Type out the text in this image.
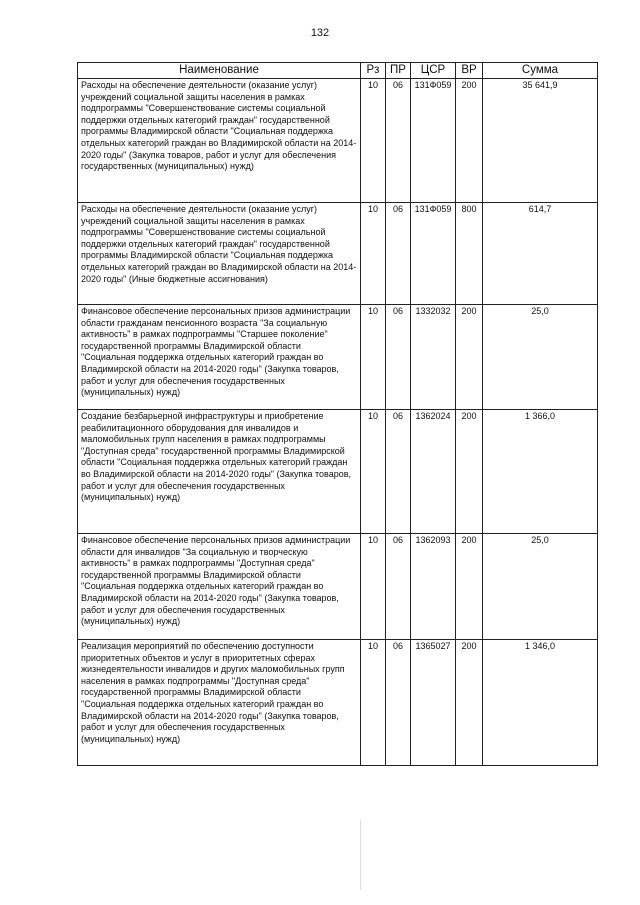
132
Наименование	Рз	ПР	ЦСР	ВР	Сумма
Расходы на обеспечение деятельности (оказание услуг) учреждений социальной защиты населения в рамках подпрограммы "Совершенствование системы социальной поддержки отдельных категорий граждан" государственной программы Владимирской области "Социальная поддержка отдельных категорий граждан во Владимирской области на 2014-2020 годы" (Закупка товаров, работ и услуг для обеспечения государственных (муниципальных) нужд)	10	06	131Ф059	200	35 641,9
Расходы на обеспечение деятельности (оказание услуг) учреждений социальной защиты населения в рамках подпрограммы "Совершенствование системы социальной поддержки отдельных категорий граждан" государственной программы Владимирской области "Социальная поддержка отдельных категорий граждан во Владимирской области на 2014-2020 годы" (Иные бюджетные ассигнования)	10	06	131Ф059	800	614,7
Финансовое обеспечение персональных призов администрации области гражданам пенсионного возраста "За социальную активность" в рамках подпрограммы "Старшее поколение" государственной программы Владимирской области "Социальная поддержка отдельных категорий граждан во Владимирской области на 2014-2020 годы" (Закупка товаров, работ и услуг для обеспечения государственных (муниципальных) нужд)	10	06	1332032	200	25,0
Создание безбарьерной инфраструктуры и приобретение реабилитационного оборудования для инвалидов и маломобильных групп населения в рамках подпрограммы "Доступная среда" государственной программы Владимирской области "Социальная поддержка отдельных категорий граждан во Владимирской области на 2014-2020 годы" (Закупка товаров, работ и услуг для обеспечения государственных (муниципальных) нужд)	10	06	1362024	200	1 366,0
Финансовое обеспечение персональных призов администрации области для инвалидов "За социальную и творческую активность" в рамках подпрограммы "Доступная среда" государственной программы Владимирской области "Социальная поддержка отдельных категорий граждан во Владимирской области на 2014-2020 годы" (Закупка товаров, работ и услуг для обеспечения государственных (муниципальных) нужд)	10	06	1362093	200	25,0
Реализация мероприятий по обеспечению доступности приоритетных объектов и услуг в приоритетных сферах жизнедеятельности инвалидов и других маломобильных групп населения в рамках подпрограммы "Доступная среда" государственной программы Владимирской области "Социальная поддержка отдельных категорий граждан во Владимирской области на 2014-2020 годы" (Закупка товаров, работ и услуг для обеспечения государственных (муниципальных) нужд)	10	06	1365027	200	1 346,0
